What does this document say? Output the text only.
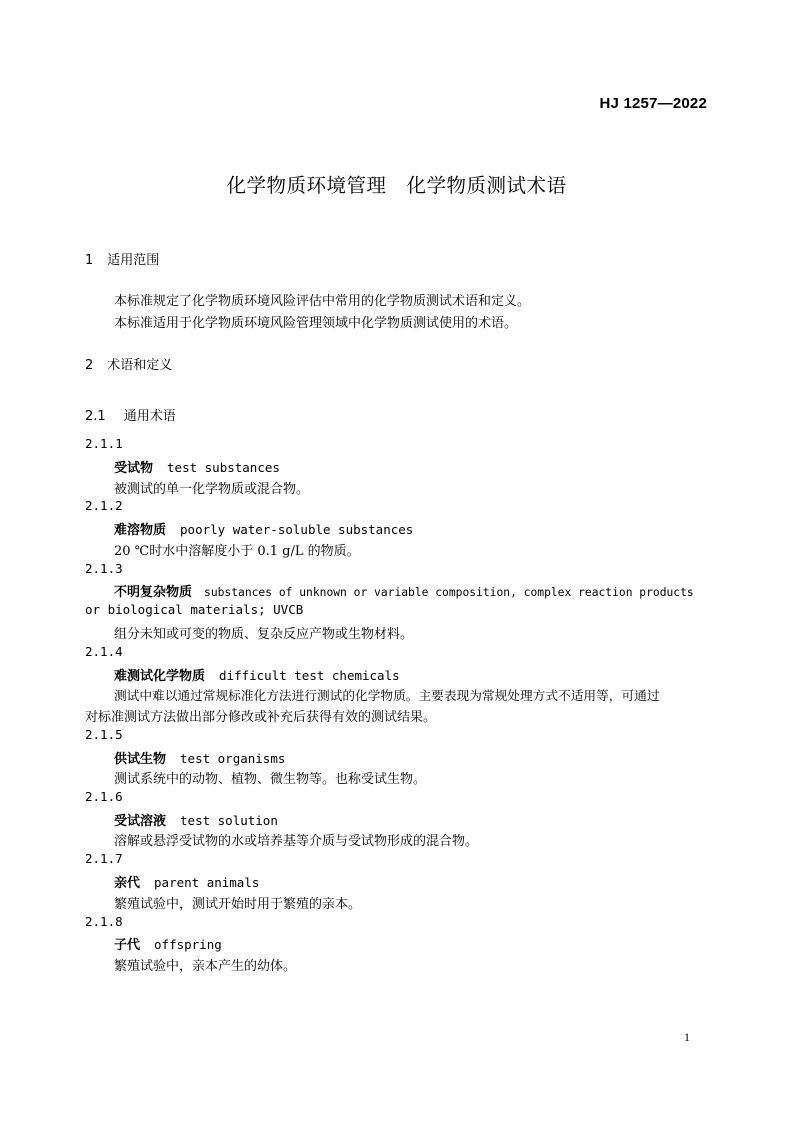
HJ 1257—2022
化学物质环境管理　化学物质测试术语
1 适用范围
本标准规定了化学物质环境风险评估中常用的化学物质测试术语和定义。
本标准适用于化学物质环境风险管理领域中化学物质测试使用的术语。
2 术语和定义
2.1 通用术语
2.1.1
受试物 test substances
被测试的单一化学物质或混合物。
2.1.2
难溶物质 poorly water-soluble substances
20 ℃时水中溶解度小于 0.1 g/L 的物质。
2.1.3
不明复杂物质 substances of unknown or variable composition, complex reaction products
or biological materials; UVCB
组分未知或可变的物质、复杂反应产物或生物材料。
2.1.4
难测试化学物质 difficult test chemicals
测试中难以通过常规标准化方法进行测试的化学物质。主要表现为常规处理方式不适用等，可通过
对标准测试方法做出部分修改或补充后获得有效的测试结果。
2.1.5
供试生物 test organisms
测试系统中的动物、植物、微生物等。也称受试生物。
2.1.6
受试溶液 test solution
溶解或悬浮受试物的水或培养基等介质与受试物形成的混合物。
2.1.7
亲代 parent animals
繁殖试验中，测试开始时用于繁殖的亲本。
2.1.8
子代 offspring
繁殖试验中，亲本产生的幼体。
1
